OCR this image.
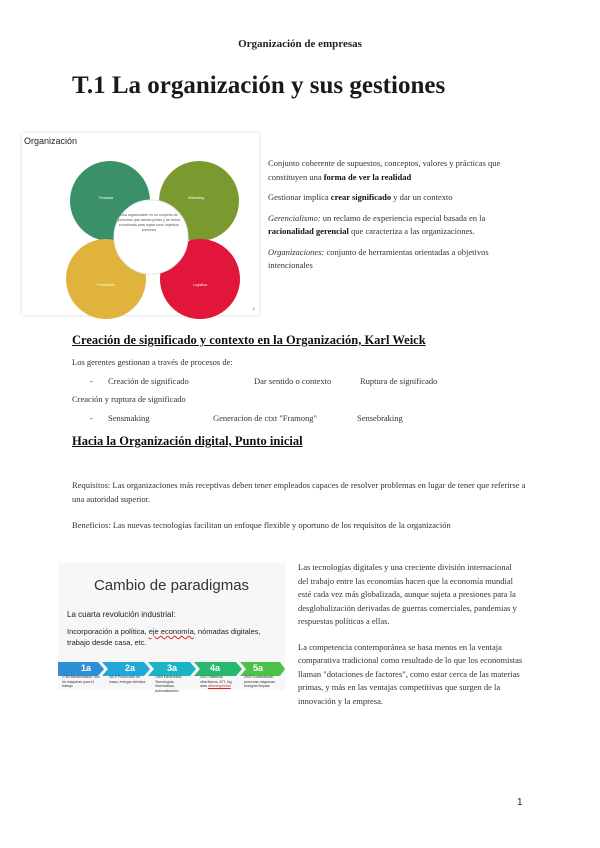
Organización de empresas
T.1 La organización y sus gestiones
Finanzas	Marketing
Producción	Logística
Organización
Una organización es un conjunto de personas que actúan juntas y de forma coordinada para lograr unos objetivos comunes
1

Conjunto coherente de supuestos, conceptos, valores y prácticas que constituyen una forma de ver la realidad

Gestionar implica crear significado y dar un contexto

Gerencialismo: un reclamo de experiencia especial basada en la racionalidad gerencial que caracteriza a las organizaciones.

Organizaciones: conjunto de herramientas orientadas a objetivos intencionales

Creación de significado y contexto en la Organización, Karl Weick
Los gerentes gestionan a través de procesos de:
- Creación de significado	Dar sentido o contexto	Ruptura de significado
Creación y ruptura de significado
- Sensmaking	Generacion de ctxt "Framong"	Sensebraking
Hacia la Organización digital, Punto inicial
Requisitos: Las organizaciones más receptivas deben tener empleados capaces de resolver problemas en lugar de tener que referirse a una autoridad superior.
Beneficios: Las nuevas tecnologías facilitan un enfoque flexible y oportuno de los requisitos de la organización
Cambio de paradigmas
La cuarta revolución industrial:
Incorporación a política, eje economía, nómadas digitales, trabajo desde casa, etc.
1a	2a	3a	4a	5a
1784 Mecanización, uso de máquinas para el trabajo
1870 Producción en masa, energía eléctrica
1969 Electrónica, Tecnologías informáticas, automatización
2011 Sistemas ciberfísicos, IOT, big data ciberseguridad
2020 Colaboración personas-máquinas, energías limpias

Las tecnologías digitales y una creciente división internacional del trabajo entre las economías hacen que la economía mundial esté cada vez más globalizada, aunque sujeta a presiones para la desglobalización derivadas de guerras comerciales, pandemias y respuestas políticas a ellas.

La competencia contemporánea se basa menos en la ventaja comparativa tradicional como resultado de lo que los economistas llaman "dotaciones de factores", como estar cerca de las materias primas, y más en las ventajas competitivas que surgen de la innovación y la empresa.

1
